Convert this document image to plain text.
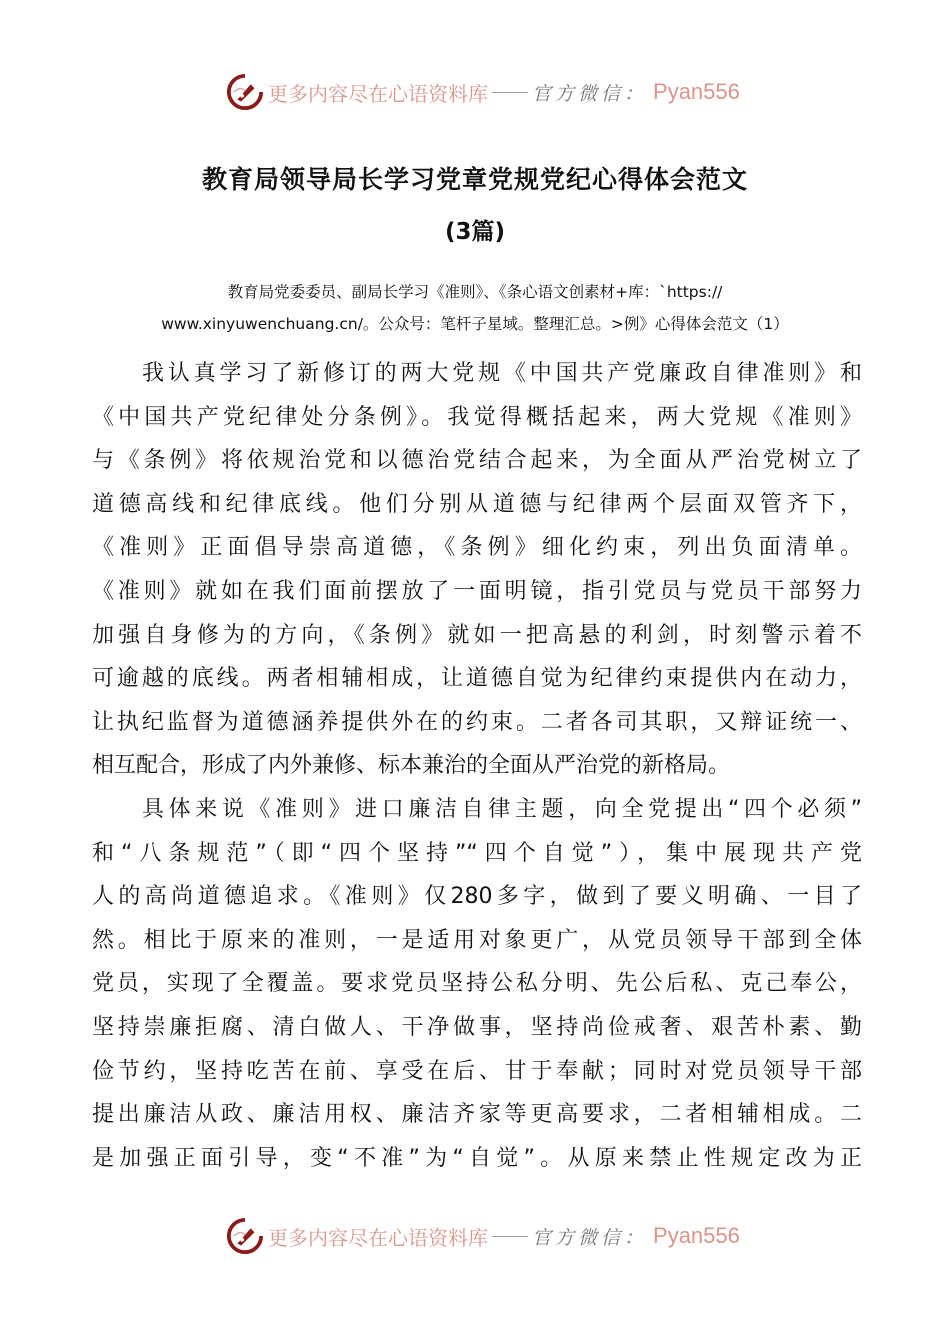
更多内容尽在心语资料库 官方微信： Pyan556
教育局领导局长学习党章党规党纪心得体会范文
(3篇)
教育局党委委员、副局长学习《准则》、《条心语文创素材+库：`https://
www.xinyuwenchuang.cn/。公众号：笔杆子星域。整理汇总。>例》心得体会范文（1）
我认真学习了新修订的两大党规《中国共产党廉政自律准则》和
《中国共产党纪律处分条例》。我觉得概括起来，两大党规《准则》
与《条例》将依规治党和以德治党结合起来，为全面从严治党树立了
道德高线和纪律底线。他们分别从道德与纪律两个层面双管齐下，
《准则》正面倡导崇高道德，《条例》细化约束，列出负面清单。
《准则》就如在我们面前摆放了一面明镜，指引党员与党员干部努力
加强自身修为的方向，《条例》就如一把高悬的利剑，时刻警示着不
可逾越的底线。两者相辅相成，让道德自觉为纪律约束提供内在动力，
让执纪监督为道德涵养提供外在的约束。二者各司其职，又辩证统一、
相互配合，形成了内外兼修、标本兼治的全面从严治党的新格局。
具体来说《准则》进口廉洁自律主题，向全党提出“四个必须”
和“八条规范”（即“四个坚持”“四个自觉”），集中展现共产党
人的高尚道德追求。《准则》仅280多字，做到了要义明确、一目了
然。相比于原来的准则，一是适用对象更广，从党员领导干部到全体
党员，实现了全覆盖。要求党员坚持公私分明、先公后私、克己奉公，
坚持崇廉拒腐、清白做人、干净做事，坚持尚俭戒奢、艰苦朴素、勤
俭节约，坚持吃苦在前、享受在后、甘于奉献；同时对党员领导干部
提出廉洁从政、廉洁用权、廉洁齐家等更高要求，二者相辅相成。二
是加强正面引导，变“不准”为“自觉”。从原来禁止性规定改为正
更多内容尽在心语资料库 官方微信： Pyan556
